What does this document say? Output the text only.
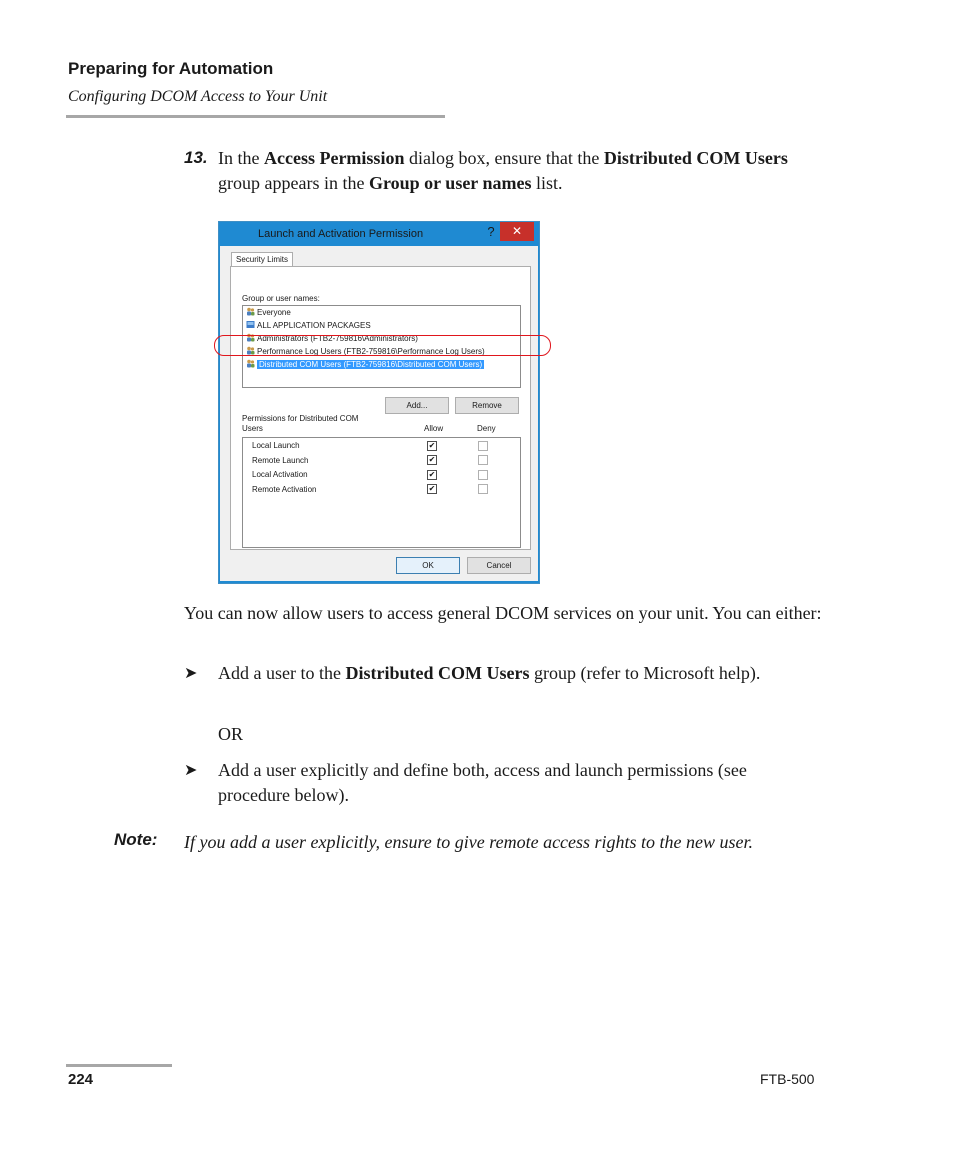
Preparing for Automation
Configuring DCOM Access to Your Unit
13. In the Access Permission dialog box, ensure that the Distributed COM Users group appears in the Group or user names list.
Launch and Activation Permission	?	✕
Security Limits
Group or user names:
Everyone
ALL APPLICATION PACKAGES
Administrators (FTB2-759816\Administrators)
Performance Log Users (FTB2-759816\Performance Log Users)
Distributed COM Users (FTB2-759816\Distributed COM Users)
Add...	Remove
Permissions for Distributed COM Users	Allow	Deny
Local Launch	✔
Remote Launch	✔
Local Activation	✔
Remote Activation	✔
OK	Cancel
You can now allow users to access general DCOM services on your unit. You can either:
➤ Add a user to the Distributed COM Users group (refer to Microsoft help).
OR
➤ Add a user explicitly and define both, access and launch permissions (see procedure below).
Note: If you add a user explicitly, ensure to give remote access rights to the new user.
224	FTB-500
